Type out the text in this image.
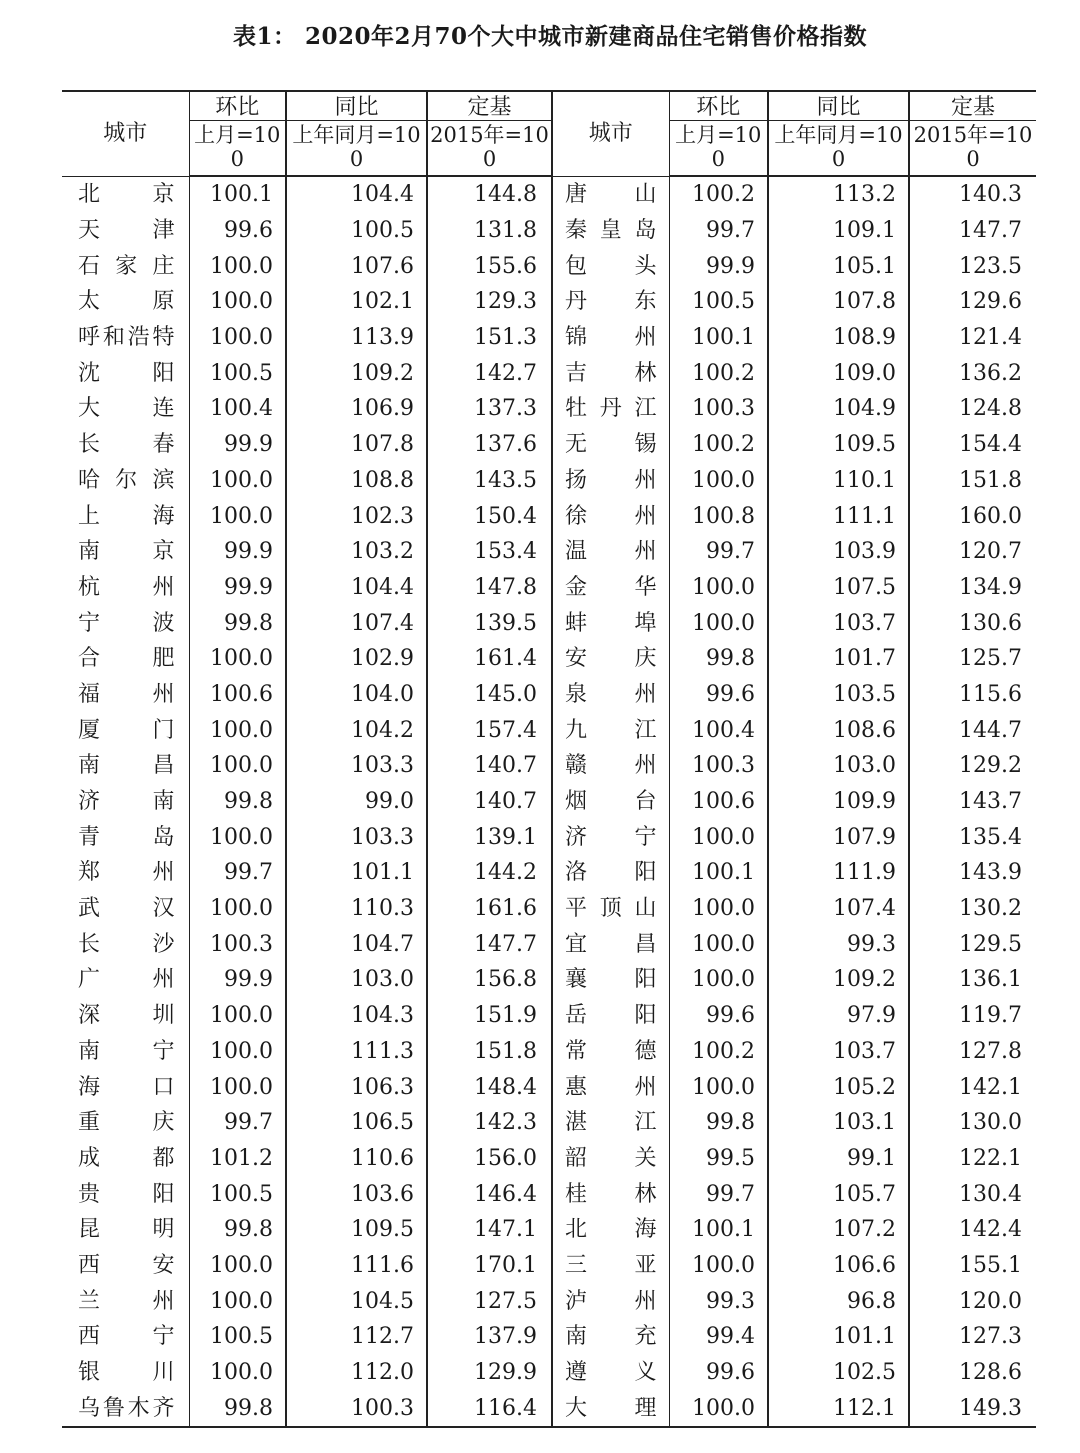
表1： 2020年2月70个大中城市新建商品住宅销售价格指数
城市	环比	同比	定基	城市	环比	同比	定基
	上月=100	上年同月=100	2015年=100		上月=100	上年同月=100	2015年=100
北京	100.1	104.4	144.8	唐山	100.2	113.2	140.3
天津	99.6	100.5	131.8	秦皇岛	99.7	109.1	147.7
石家庄	100.0	107.6	155.6	包头	99.9	105.1	123.5
太原	100.0	102.1	129.3	丹东	100.5	107.8	129.6
呼和浩特	100.0	113.9	151.3	锦州	100.1	108.9	121.4
沈阳	100.5	109.2	142.7	吉林	100.2	109.0	136.2
大连	100.4	106.9	137.3	牡丹江	100.3	104.9	124.8
长春	99.9	107.8	137.6	无锡	100.2	109.5	154.4
哈尔滨	100.0	108.8	143.5	扬州	100.0	110.1	151.8
上海	100.0	102.3	150.4	徐州	100.8	111.1	160.0
南京	99.9	103.2	153.4	温州	99.7	103.9	120.7
杭州	99.9	104.4	147.8	金华	100.0	107.5	134.9
宁波	99.8	107.4	139.5	蚌埠	100.0	103.7	130.6
合肥	100.0	102.9	161.4	安庆	99.8	101.7	125.7
福州	100.6	104.0	145.0	泉州	99.6	103.5	115.6
厦门	100.0	104.2	157.4	九江	100.4	108.6	144.7
南昌	100.0	103.3	140.7	赣州	100.3	103.0	129.2
济南	99.8	99.0	140.7	烟台	100.6	109.9	143.7
青岛	100.0	103.3	139.1	济宁	100.0	107.9	135.4
郑州	99.7	101.1	144.2	洛阳	100.1	111.9	143.9
武汉	100.0	110.3	161.6	平顶山	100.0	107.4	130.2
长沙	100.3	104.7	147.7	宜昌	100.0	99.3	129.5
广州	99.9	103.0	156.8	襄阳	100.0	109.2	136.1
深圳	100.0	104.3	151.9	岳阳	99.6	97.9	119.7
南宁	100.0	111.3	151.8	常德	100.2	103.7	127.8
海口	100.0	106.3	148.4	惠州	100.0	105.2	142.1
重庆	99.7	106.5	142.3	湛江	99.8	103.1	130.0
成都	101.2	110.6	156.0	韶关	99.5	99.1	122.1
贵阳	100.5	103.6	146.4	桂林	99.7	105.7	130.4
昆明	99.8	109.5	147.1	北海	100.1	107.2	142.4
西安	100.0	111.6	170.1	三亚	100.0	106.6	155.1
兰州	100.0	104.5	127.5	泸州	99.3	96.8	120.0
西宁	100.5	112.7	137.9	南充	99.4	101.1	127.3
银川	100.0	112.0	129.9	遵义	99.6	102.5	128.6
乌鲁木齐	99.8	100.3	116.4	大理	100.0	112.1	149.3
